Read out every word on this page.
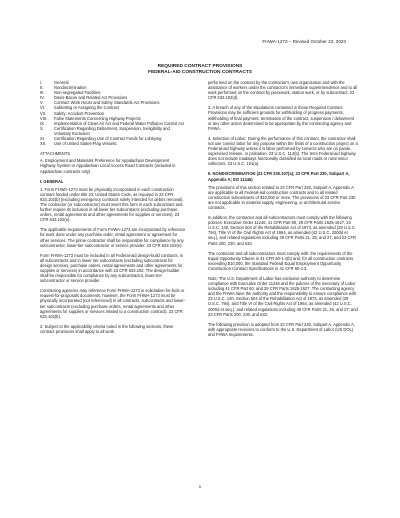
FHWA-1273 – Revised October 23, 2023
REQUIRED CONTRACT PROVISIONS
FEDERAL-AID CONSTRUCTION CONTRACTS
I.	General
II.	Nondiscrimination
III.	Non-segregated Facilities
IV.	Davis-Bacon and Related Act Provisions
V.	Contract Work Hours and Safety Standards Act Provisions
VI.	Subletting or Assigning the Contract
VII.	Safety: Accident Prevention
VIII.	False Statements Concerning Highway Projects
IX.	Implementation of Clean Air Act and Federal Water Pollution Control Act
X.	Certification Regarding Debarment, Suspension, Ineligibility and Voluntary Exclusion
XI.	Certification Regarding Use of Contract Funds for Lobbying
XII.	Use of United States-Flag Vessels:
ATTACHMENTS

A. Employment and Materials Preference for Appalachian Development Highway System or Appalachian Local Access Road Contracts (included in Appalachian contracts only)

I. GENERAL

1. Form FHWA-1273 must be physically incorporated in each construction contract funded under title 23, United States Code, as required in 23 CFR 633.102(b) (excluding emergency contracts solely intended for debris removal). The contractor (or subcontractor) must insert this form in each subcontract and further require its inclusion in all lower tier subcontracts (excluding purchase orders, rental agreements and other agreements for supplies or services). 23 CFR 633.102(e).

The applicable requirements of Form FHWA-1273 are incorporated by reference for work done under any purchase order, rental agreement or agreement for other services. The prime contractor shall be responsible for compliance by any subcontractor, lower-tier subcontractor or service provider. 23 CFR 633.102(e).

Form FHWA-1273 must be included in all Federal-aid design-build contracts, in all subcontracts and in lower tier subcontracts (excluding subcontracts for design services, purchase orders, rental agreements and other agreements for supplies or services) in accordance with 23 CFR 633.102. The design-builder shall be responsible for compliance by any subcontractor, lower-tier subcontractor or service provider.

Contracting agencies may reference Form FHWA-1273 in solicitation-for-bids or request-for-proposals documents, however, the Form FHWA-1273 must be physically incorporated (not referenced) in all contracts, subcontracts and lower-tier subcontracts (excluding purchase orders, rental agreements and other agreements for supplies or services related to a construction contract). 23 CFR 633.102(b).

2. Subject to the applicability criteria noted in the following sections, these contract provisions shall apply to all work

performed on the contract by the contractor's own organization and with the assistance of workers under the contractor's immediate superintendence and to all work performed on the contract by piecework, station work, or by subcontract. 23 CFR 633.102(d).

3. A breach of any of the stipulations contained in these Required Contract Provisions may be sufficient grounds for withholding of progress payments, withholding of final payment, termination of the contract, suspension / debarment or any other action determined to be appropriate by the contracting agency and FHWA.

4. Selection of Labor: During the performance of this contract, the contractor shall not use convict labor for any purpose within the limits of a construction project on a Federal-aid highway unless it is labor performed by convicts who are on parole, supervised release, or probation. 23 U.S.C. 114(b). The term Federal-aid highway does not include roadways functionally classified as local roads or rural minor collectors. 23 U.S.C. 101(a).

II. NONDISCRIMINATION (23 CFR 230.107(a); 23 CFR Part 230, Subpart A, Appendix A; EO 11246)

The provisions of this section related to 23 CFR Part 230, Subpart A, Appendix A are applicable to all Federal-aid construction contracts and to all related construction subcontracts of $10,000 or more. The provisions of 23 CFR Part 230 are not applicable to material supply, engineering, or architectural service contracts.

In addition, the contractor and all subcontractors must comply with the following policies: Executive Order 11246, 41 CFR Part 60, 29 CFR Parts 1625-1627, 23 U.S.C. 140, Section 504 of the Rehabilitation Act of 1973, as amended (29 U.S.C. 794), Title VI of the Civil Rights Act of 1964, as amended (42 U.S.C. 2000d et seq.), and related regulations including 49 CFR Parts 21, 26, and 27; and 23 CFR Parts 200, 230, and 633.

The contractor and all subcontractors must comply with: the requirements of the Equal Opportunity Clause in 41 CFR 60-1.4(b) and, for all construction contracts exceeding $10,000, the Standard Federal Equal Employment Opportunity Construction Contract Specifications in 41 CFR 60-4.3.

Note: The U.S. Department of Labor has exclusive authority to determine compliance with Executive Order 11246 and the policies of the Secretary of Labor including 41 CFR Part 60, and 29 CFR Parts 1625-1627. The contracting agency and the FHWA have the authority and the responsibility to ensure compliance with 23 U.S.C. 140, Section 504 of the Rehabilitation Act of 1973, as amended (29 U.S.C. 794), and Title VI of the Civil Rights Act of 1964, as amended (42 U.S.C. 2000d et seq.), and related regulations including 49 CFR Parts 21, 26, and 27; and 23 CFR Parts 200, 230, and 633.

The following provision is adopted from 23 CFR Part 230, Subpart A, Appendix A, with appropriate revisions to conform to the U.S. Department of Labor (US DOL) and FHWA requirements.

1
